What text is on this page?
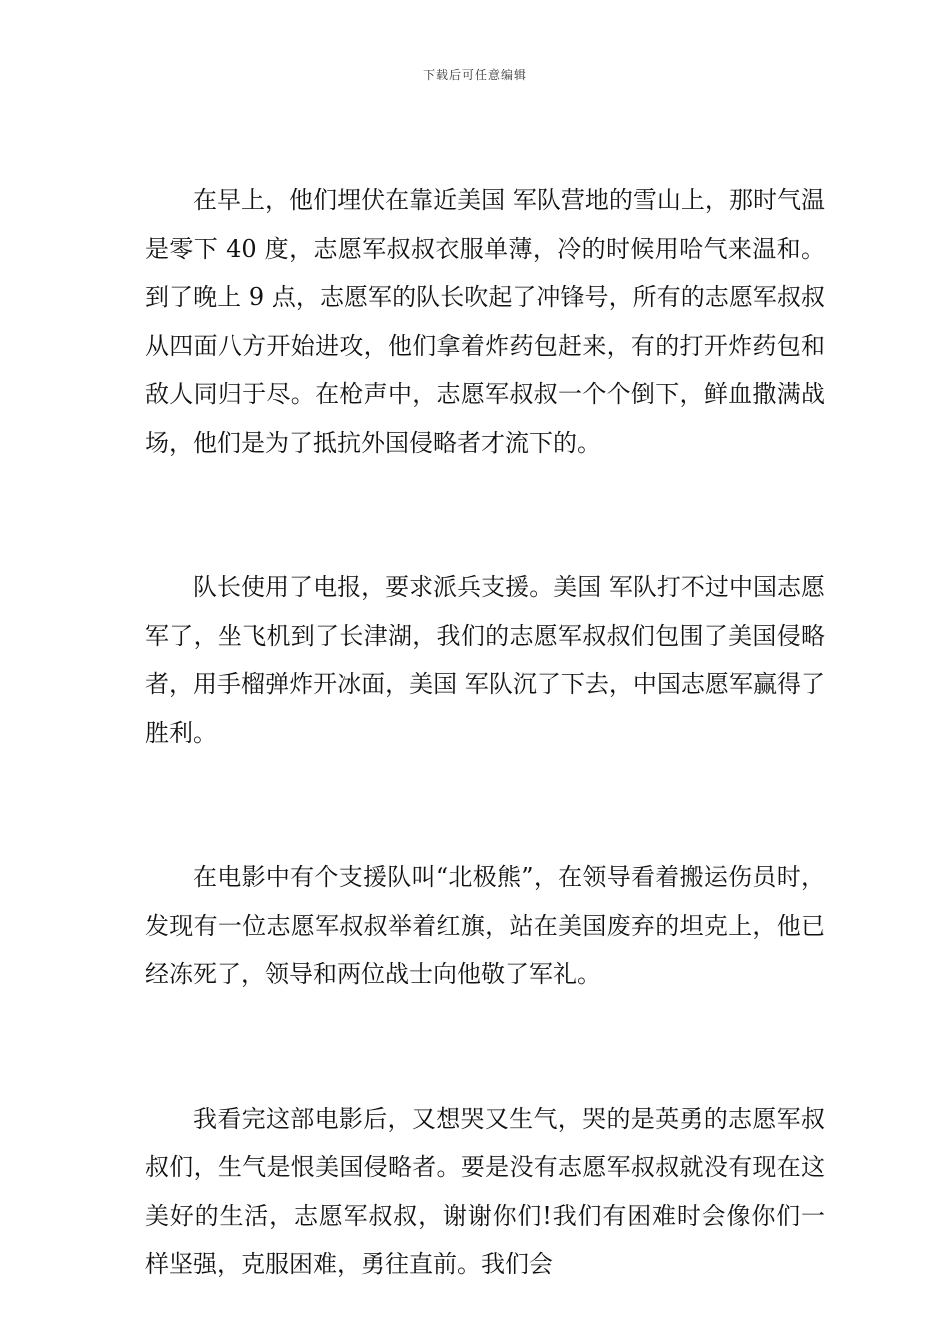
下载后可任意编辑

在早上，他们埋伏在靠近美国 军队营地的雪山上，那时气温是零下 40 度，志愿军叔叔衣服单薄，冷的时候用哈气来温和。到了晚上 9 点，志愿军的队长吹起了冲锋号，所有的志愿军叔叔从四面八方开始进攻，他们拿着炸药包赶来，有的打开炸药包和敌人同归于尽。在枪声中，志愿军叔叔一个个倒下，鲜血撒满战场，他们是为了抵抗外国侵略者才流下的。

队长使用了电报，要求派兵支援。美国 军队打不过中国志愿军了，坐飞机到了长津湖，我们的志愿军叔叔们包围了美国侵略者，用手榴弹炸开冰面，美国 军队沉了下去，中国志愿军赢得了胜利。

在电影中有个支援队叫“北极熊”，在领导看着搬运伤员时，发现有一位志愿军叔叔举着红旗，站在美国废弃的坦克上，他已经冻死了，领导和两位战士向他敬了军礼。

我看完这部电影后，又想哭又生气，哭的是英勇的志愿军叔叔们，生气是恨美国侵略者。要是没有志愿军叔叔就没有现在这美好的生活，志愿军叔叔，谢谢你们!我们有困难时会像你们一样坚强，克服困难，勇往直前。我们会
